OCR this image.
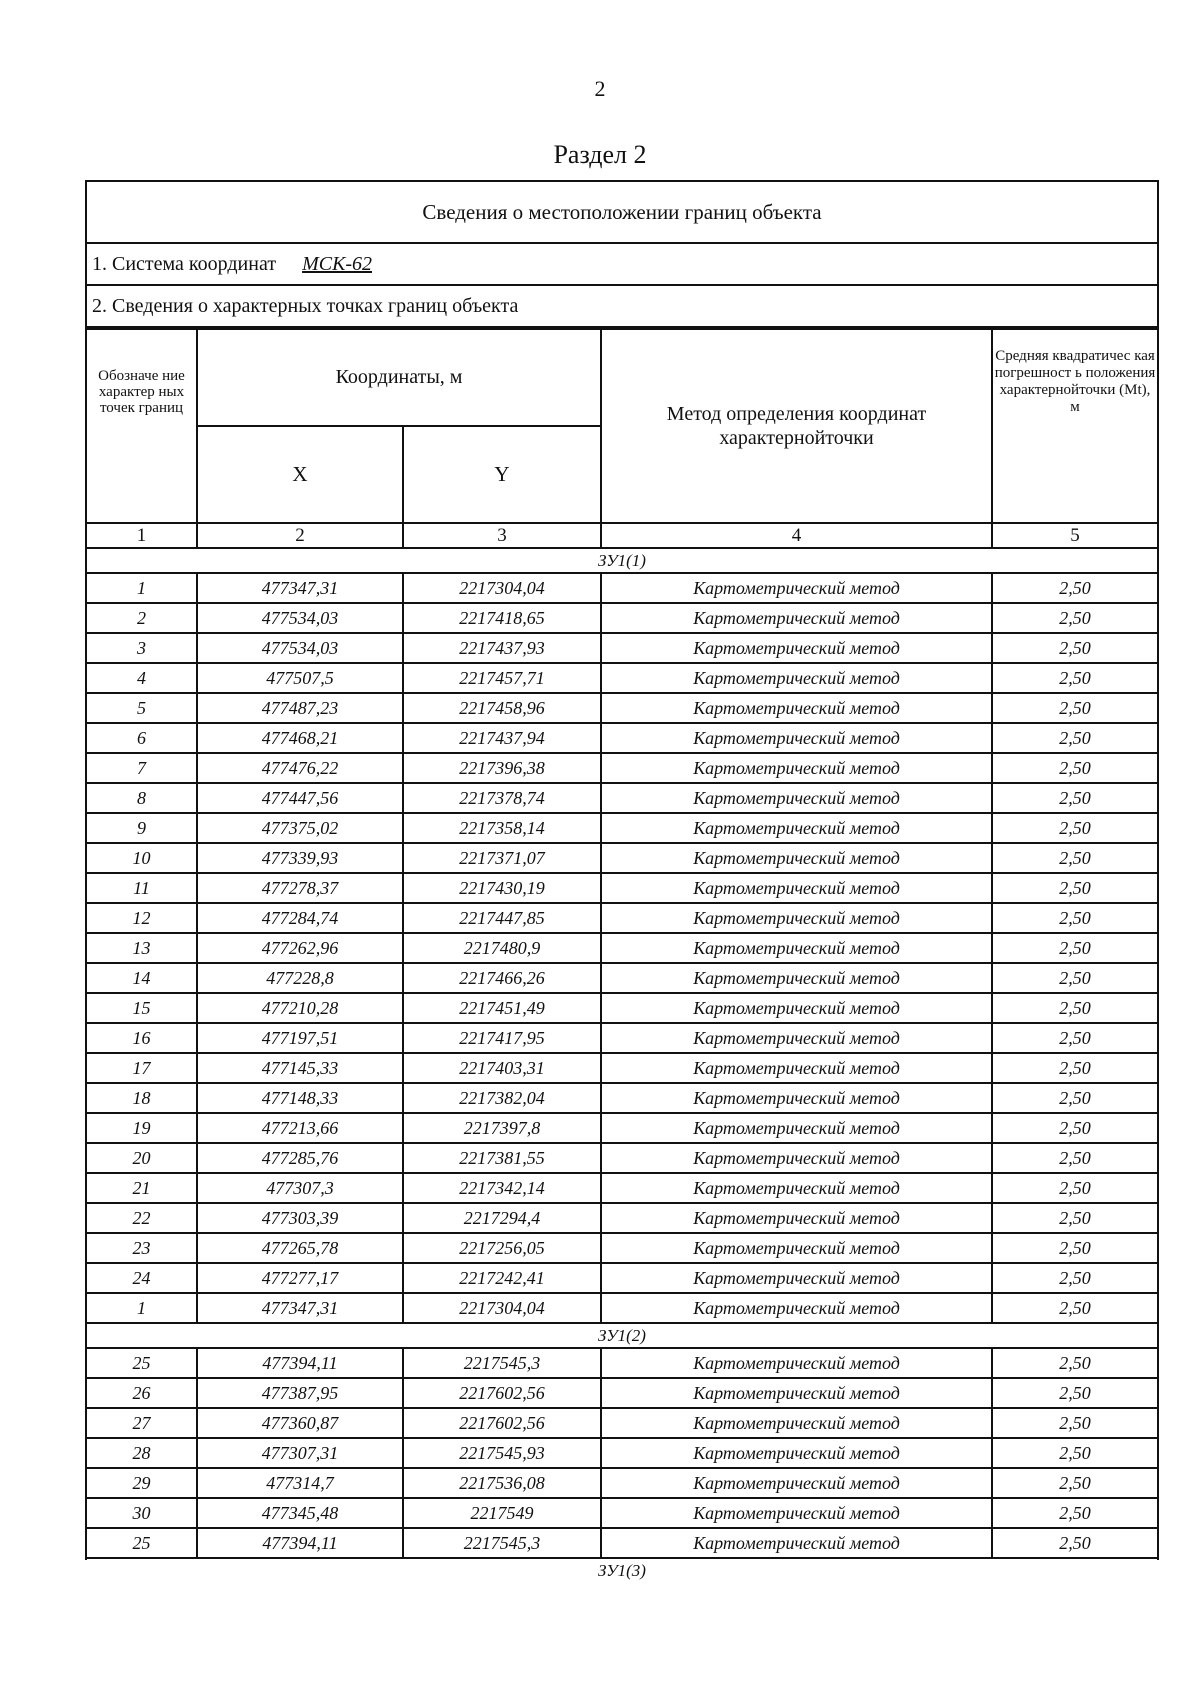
2
Раздел 2
Сведения о местоположении границ объекта
1. Система координат МСК-62
2. Сведения о характерных точках границ объекта
Обозначе ние характер ных точек границ	Координаты, м		Метод определения координат характернойточки	Средняя квадратичес кая погрешност ь положения характернойточки (Mt), м
	X	Y		
1	2	3	4	5
ЗУ1(1)				
1	477347,31	2217304,04	Картометрический метод	2,50
2	477534,03	2217418,65	Картометрический метод	2,50
3	477534,03	2217437,93	Картометрический метод	2,50
4	477507,5	2217457,71	Картометрический метод	2,50
5	477487,23	2217458,96	Картометрический метод	2,50
6	477468,21	2217437,94	Картометрический метод	2,50
7	477476,22	2217396,38	Картометрический метод	2,50
8	477447,56	2217378,74	Картометрический метод	2,50
9	477375,02	2217358,14	Картометрический метод	2,50
10	477339,93	2217371,07	Картометрический метод	2,50
11	477278,37	2217430,19	Картометрический метод	2,50
12	477284,74	2217447,85	Картометрический метод	2,50
13	477262,96	2217480,9	Картометрический метод	2,50
14	477228,8	2217466,26	Картометрический метод	2,50
15	477210,28	2217451,49	Картометрический метод	2,50
16	477197,51	2217417,95	Картометрический метод	2,50
17	477145,33	2217403,31	Картометрический метод	2,50
18	477148,33	2217382,04	Картометрический метод	2,50
19	477213,66	2217397,8	Картометрический метод	2,50
20	477285,76	2217381,55	Картометрический метод	2,50
21	477307,3	2217342,14	Картометрический метод	2,50
22	477303,39	2217294,4	Картометрический метод	2,50
23	477265,78	2217256,05	Картометрический метод	2,50
24	477277,17	2217242,41	Картометрический метод	2,50
1	477347,31	2217304,04	Картометрический метод	2,50
ЗУ1(2)				
25	477394,11	2217545,3	Картометрический метод	2,50
26	477387,95	2217602,56	Картометрический метод	2,50
27	477360,87	2217602,56	Картометрический метод	2,50
28	477307,31	2217545,93	Картометрический метод	2,50
29	477314,7	2217536,08	Картометрический метод	2,50
30	477345,48	2217549	Картометрический метод	2,50
25	477394,11	2217545,3	Картометрический метод	2,50
ЗУ1(3)				
